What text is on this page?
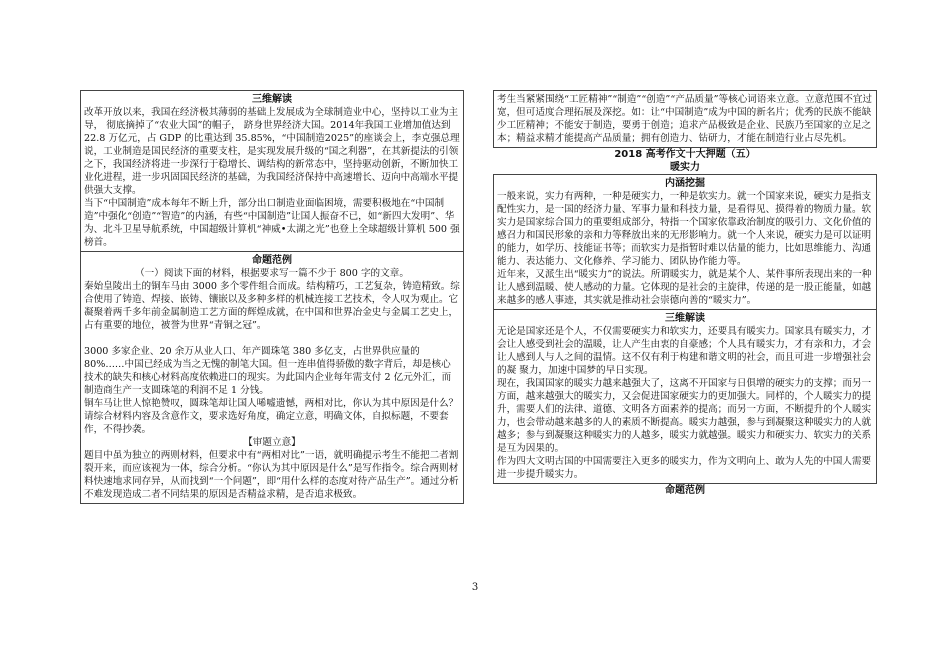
三维解读

改革开放以来，我国在经济极其薄弱的基础上发展成为全球制造业中心，坚持以工业为主导， 彻底摘掉了“农业大国”的帽子， 跻身世界经济大国。2014年我国工业增加值达到 22.8 万亿元，占 GDP 的比重达到 35.85%，“中国制造2025”的座谈会上，李克强总理说，工业制造是国民经济的重要支柱，是实现发展升级的“国之利器”，在其新提法的引领之下，我国经济将进一步深行于稳增长、调结构的新常态中，坚持驱动创新，不断加快工业化进程，进一步巩固国民经济的基础，为我国经济保持中高速增长、迈向中高端水平提供强大支撑。

当下“中国制造”成本每年不断上升，部分出口制造业面临困境，需要积极地在“中国制造”中强化“创造”“智造”的内涵，有些“中国制造”让国人振奋不已，如“新四大发明”、华为、北斗卫星导航系统，中国超级计算机“神威•太湖之光”也登上全球超级计算机 500 强榜首。

命题范例

（一）阅读下面的材料，根据要求写一篇不少于 800 字的文章。

秦始皇陵出土的铜车马由 3000 多个零件组合而成。结构精巧，工艺复杂，铸造精致。综合使用了铸造、焊接、嵌铸、镶嵌以及多种多样的机械连接工艺技术，令人叹为观止。它凝聚着两千多年前金属制造工艺方面的辉煌成就，在中国和世界冶金史与金属工艺史上，占有重要的地位，被誉为世界“青铜之冠”。

3000 多家企业、20 余万从业人口、年产圆珠笔 380 多亿支，占世界供应量的 80%……中国已经成为当之无愧的制笔大国。但一连串值得骄傲的数字背后，却是核心技术的缺失和核心材料高度依赖进口的现实。为此国内企业每年需支付 2 亿元外汇，而制造商生产一支圆珠笔的利润不足 1 分钱。

铜车马让世人惊艳赞叹，圆珠笔却让国人唏嘘遗憾，两相对比，你认为其中原因是什么？

请综合材料内容及含意作文，要求选好角度，确定立意，明确文体，自拟标题，不要套作，不得抄袭。

【审题立意】

题目中虽为独立的两则材料，但要求中有“两相对比”一语，就明确提示考生不能把二者割裂开来，而应该视为一体，综合分析。“你认为其中原因是什么”是写作指令。综合两则材料快速地求同存异，从而找到“一个问题”，即“用什么样的态度对待产品生产”。通过分析不难发现造成二者不同结果的原因是否精益求精，是否追求极致。

考生当紧紧围绕“工匠精神”“制造”“创造”“产品质量”等核心词语来立意。立意范围不宜过宽，但可适度合理拓展及深挖。如：让“中国制造”成为中国的新名片；优秀的民族不能缺少工匠精神；不能安于制造，要勇于创造；追求产品极致是企业、民族乃至国家的立足之本；精益求精才能提高产品质量；拥有创造力、钻研力，才能在制造行业占尽先机。

2018 高考作文十大押题（五）
暖实力
内涵挖掘

一般来说，实力有两种，一种是硬实力，一种是软实力。就一个国家来说，硬实力是指支配性实力，是一国的经济力量、军事力量和科技力量，是看得见、摸得着的物质力量。软实力是国家综合国力的重要组成部分，特指一个国家依靠政治制度的吸引力、文化价值的感召力和国民形象的亲和力等释放出来的无形影响力。就一个人来说，硬实力是可以证明的能力，如学历、技能证书等；而软实力是指暂时难以估量的能力，比如思维能力、沟通能力、表达能力、文化修养、学习能力、团队协作能力等。

近年来，又派生出“暖实力”的说法。所谓暖实力，就是某个人、某件事所表现出来的一种让人感到温暖、使人感动的力量。它体现的是社会的主旋律，传递的是一股正能量，如越来越多的感人事迹，其实就是推动社会崇德向善的“暖实力”。

三维解读

无论是国家还是个人，不仅需要硬实力和软实力，还要具有暖实力。国家具有暖实力，才会让人感受到社会的温暖，让人产生由衷的自豪感；个人具有暖实力，才有亲和力，才会让人感到人与人之间的温情。这不仅有利于构建和谐文明的社会，而且可进一步增强社会的凝 聚力，加速中国梦的早日实现。

现在，我国国家的暖实力越来越强大了，这离不开国家与日俱增的硬实力的支撑；而另一方面，越来越强大的暖实力，又会促进国家硬实力的更加强大。同样的，个人暖实力的提升，需要人们的法律、道德、文明各方面素养的提高；而另一方面，不断提升的个人暖实力，也会带动越来越多的人的素质不断提高。暖实力越强，参与到凝聚这种暖实力的人就越多；参与到凝聚这种暖实力的人越多，暖实力就越强。暖实力和硬实力、软实力的关系是互为因果的。

作为四大文明古国的中国需要注入更多的暖实力，作为文明向上、敢为人先的中国人需要进一步提升暖实力。

命题范例
3
